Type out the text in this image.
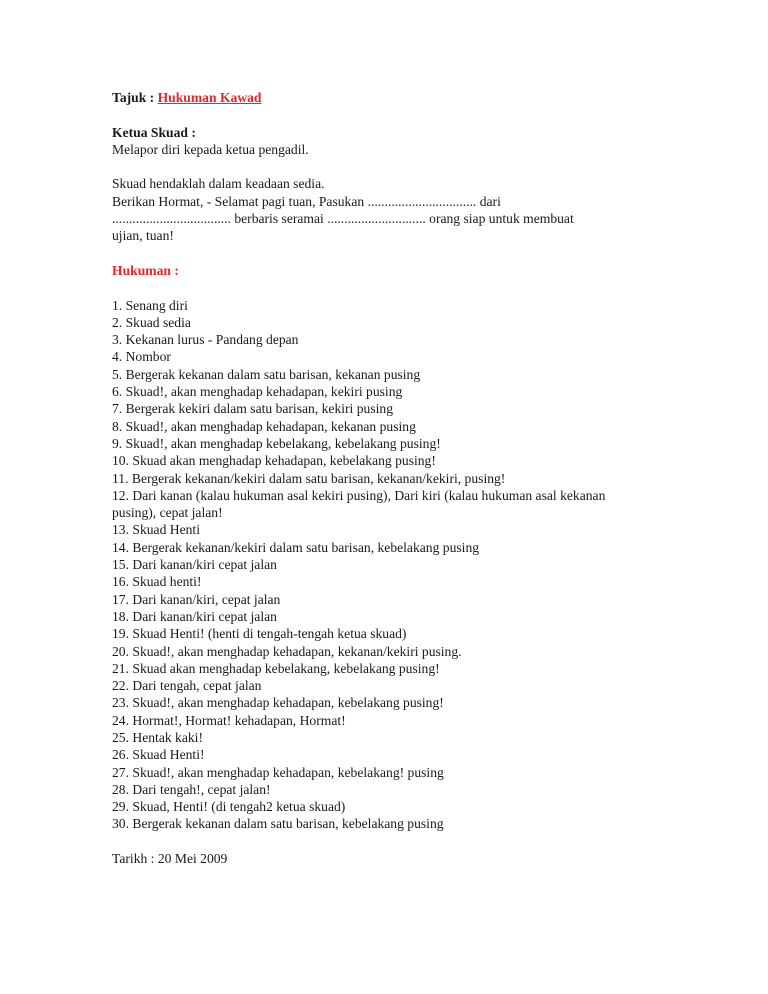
Tajuk : Hukuman Kawad

Ketua Skuad :

Melapor diri kepada ketua pengadil.

Skuad hendaklah dalam keadaan sedia.

Berikan Hormat, - Selamat pagi tuan, Pasukan ................................ dari

................................... berbaris seramai ............................. orang siap untuk membuat

ujian, tuan!

Hukuman :

1. Senang diri
2. Skuad sedia
3. Kekanan lurus - Pandang depan
4. Nombor
5. Bergerak kekanan dalam satu barisan, kekanan pusing
6. Skuad!, akan menghadap kehadapan, kekiri pusing
7. Bergerak kekiri dalam satu barisan, kekiri pusing
8. Skuad!, akan menghadap kehadapan, kekanan pusing
9. Skuad!, akan menghadap kebelakang, kebelakang pusing!
10. Skuad akan menghadap kehadapan, kebelakang pusing!
11. Bergerak kekanan/kekiri dalam satu barisan, kekanan/kekiri, pusing!
12. Dari kanan (kalau hukuman asal kekiri pusing), Dari kiri (kalau hukuman asal kekanan pusing), cepat jalan!
13. Skuad Henti
14. Bergerak kekanan/kekiri dalam satu barisan, kebelakang pusing
15. Dari kanan/kiri cepat jalan
16. Skuad henti!
17. Dari kanan/kiri, cepat jalan
18. Dari kanan/kiri cepat jalan
19. Skuad Henti! (henti di tengah-tengah ketua skuad)
20. Skuad!, akan menghadap kehadapan, kekanan/kekiri pusing.
21. Skuad akan menghadap kebelakang, kebelakang pusing!
22. Dari tengah, cepat jalan
23. Skuad!, akan menghadap kehadapan, kebelakang pusing!
24. Hormat!, Hormat! kehadapan, Hormat!
25. Hentak kaki!
26. Skuad Henti!
27. Skuad!, akan menghadap kehadapan, kebelakang! pusing
28. Dari tengah!, cepat jalan!
29. Skuad, Henti! (di tengah2 ketua skuad)
30. Bergerak kekanan dalam satu barisan, kebelakang pusing

Tarikh : 20 Mei 2009
